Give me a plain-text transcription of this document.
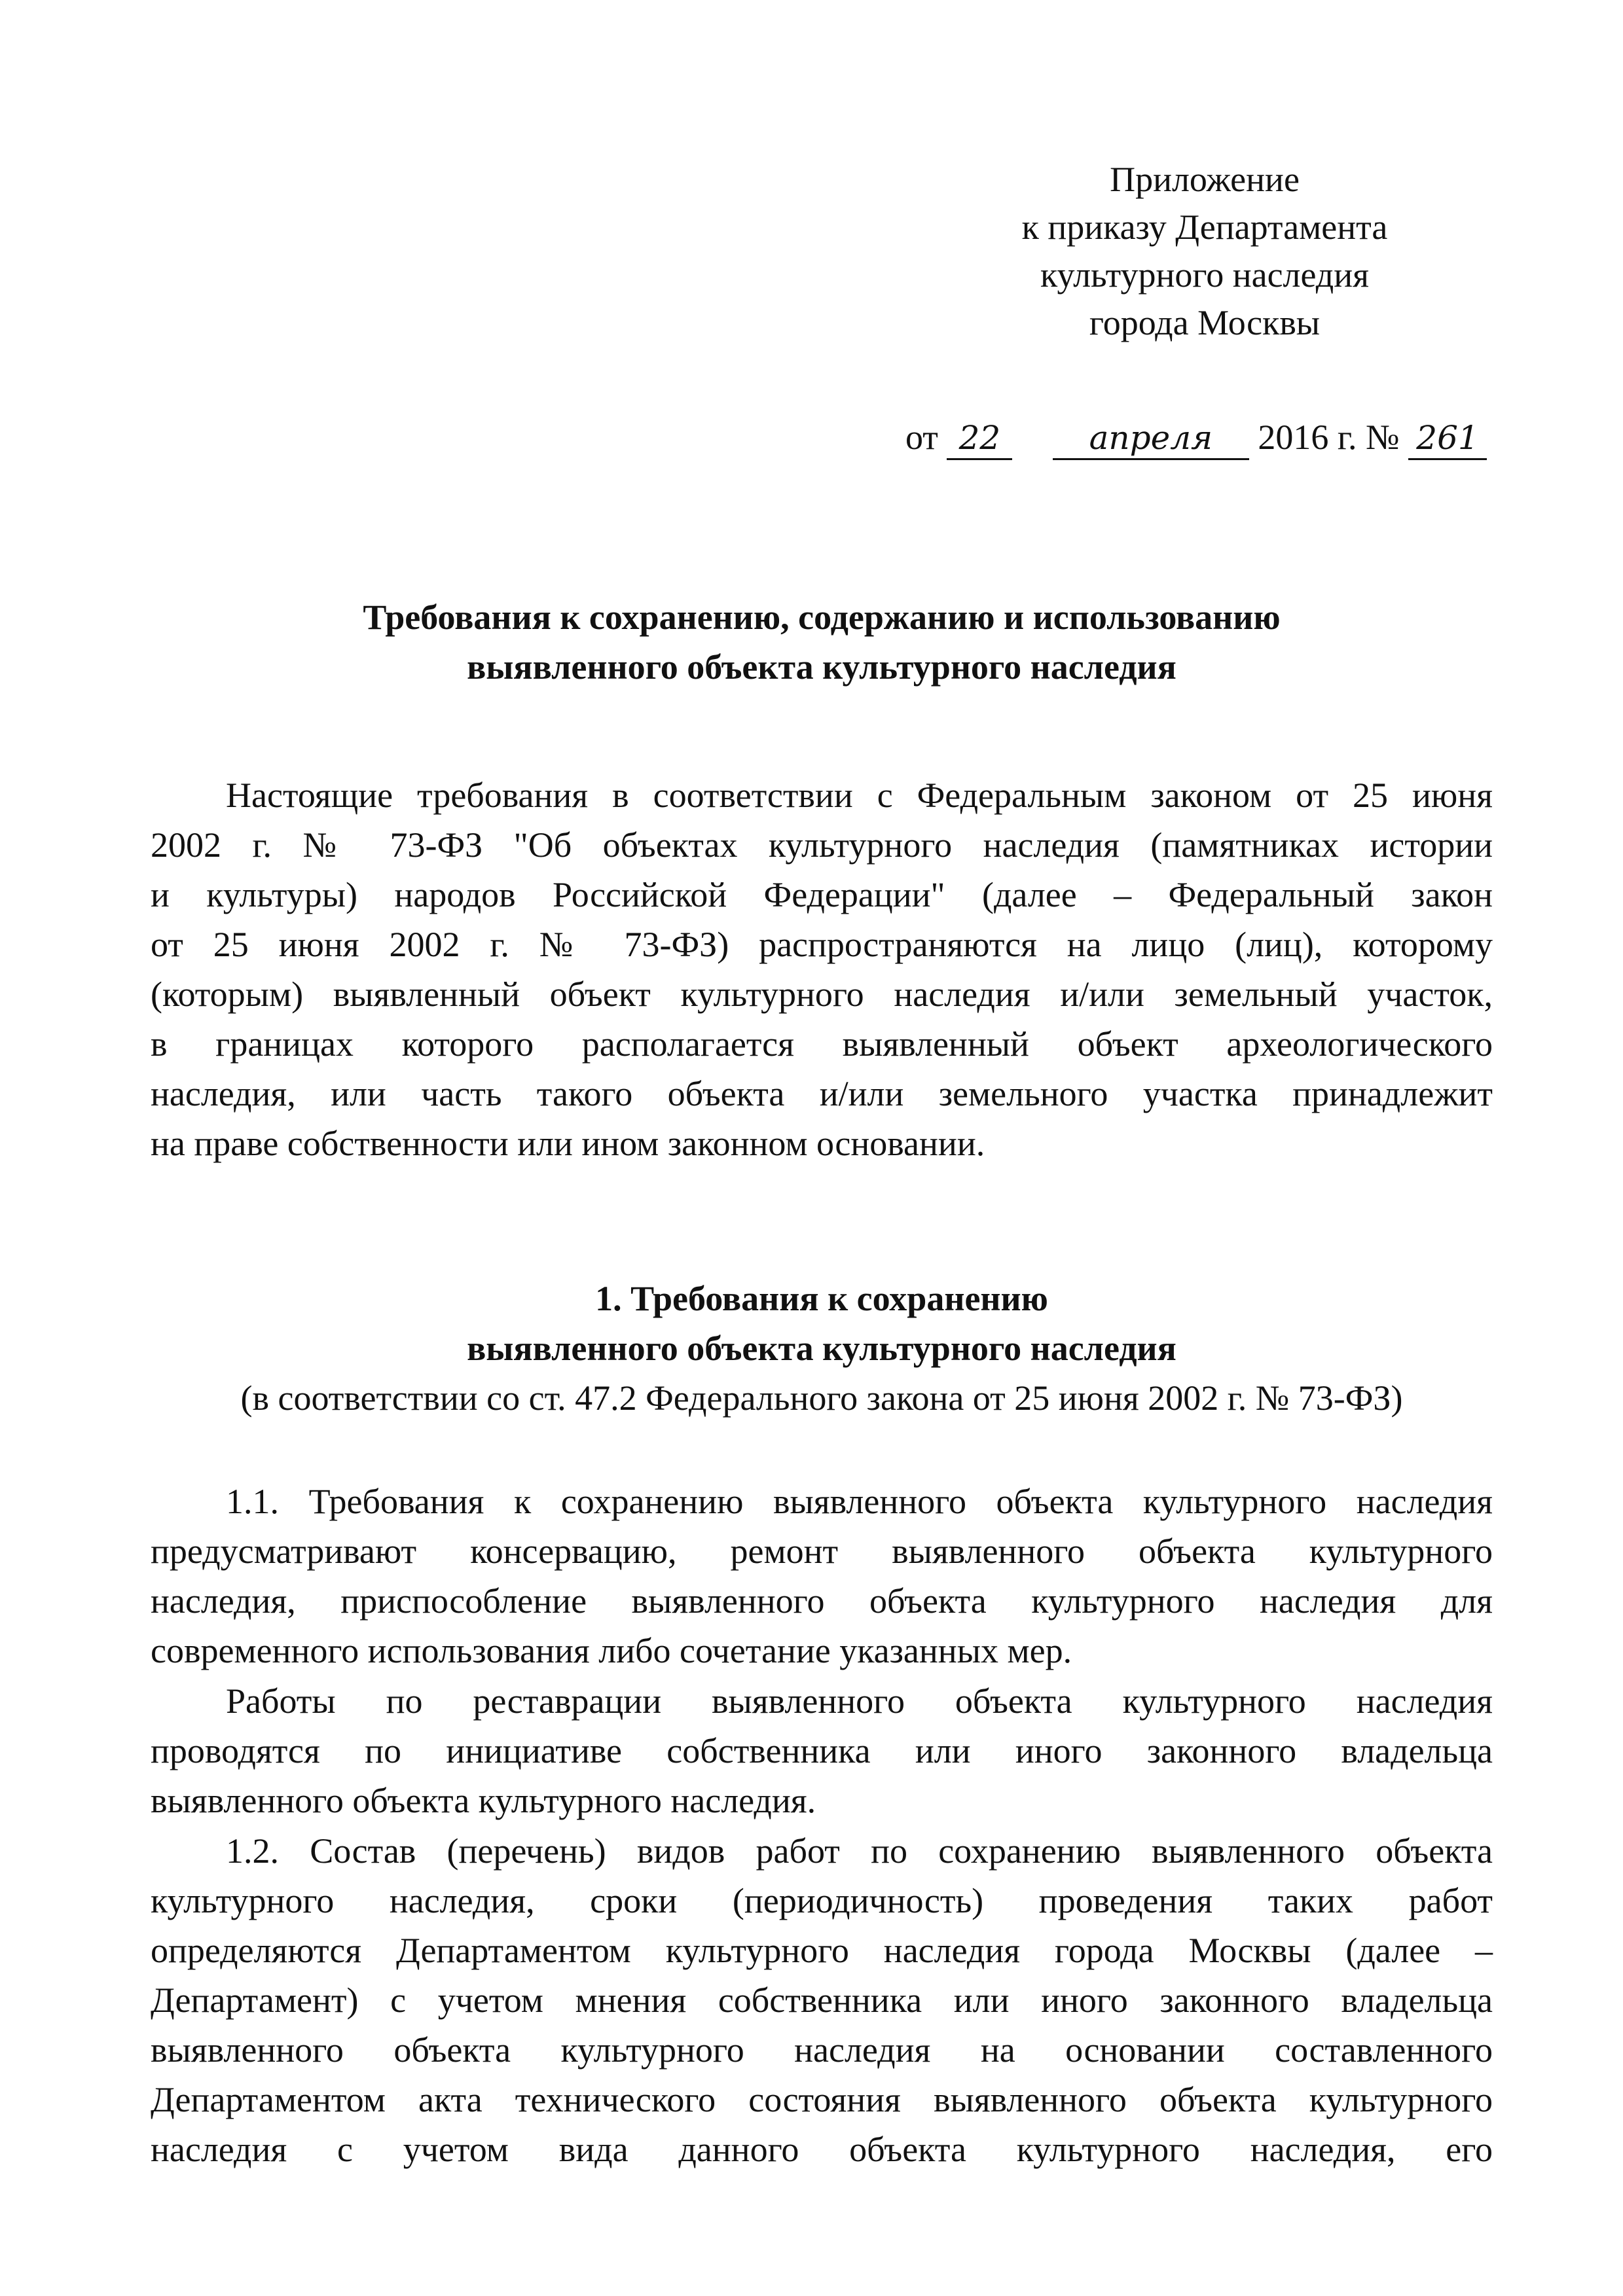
Приложение
к приказу Департамента
культурного наследия
города Москвы
от 22	апреля 2016 г. № 261
Требования к сохранению, содержанию и использованию
выявленного объекта культурного наследия
Настоящие требования в соответствии с Федеральным законом от 25 июня
2002 г. № 73-ФЗ "Об объектах культурного наследия (памятниках истории
и культуры) народов Российской Федерации" (далее – Федеральный закон
от 25 июня 2002 г. № 73-ФЗ) распространяются на лицо (лиц), которому
(которым) выявленный объект культурного наследия и/или земельный участок,
в границах которого располагается выявленный объект археологического
наследия, или часть такого объекта и/или земельного участка принадлежит
на праве собственности или ином законном основании.
1. Требования к сохранению
выявленного объекта культурного наследия
(в соответствии со ст. 47.2 Федерального закона от 25 июня 2002 г. № 73-ФЗ)
1.1. Требования к сохранению выявленного объекта культурного наследия
предусматривают консервацию, ремонт выявленного объекта культурного
наследия, приспособление выявленного объекта культурного наследия для
современного использования либо сочетание указанных мер.
Работы по реставрации выявленного объекта культурного наследия
проводятся по инициативе собственника или иного законного владельца
выявленного объекта культурного наследия.
1.2. Состав (перечень) видов работ по сохранению выявленного объекта
культурного наследия, сроки (периодичность) проведения таких работ
определяются Департаментом культурного наследия города Москвы (далее –
Департамент) с учетом мнения собственника или иного законного владельца
выявленного объекта культурного наследия на основании составленного
Департаментом акта технического состояния выявленного объекта культурного
наследия с учетом вида данного объекта культурного наследия, его
